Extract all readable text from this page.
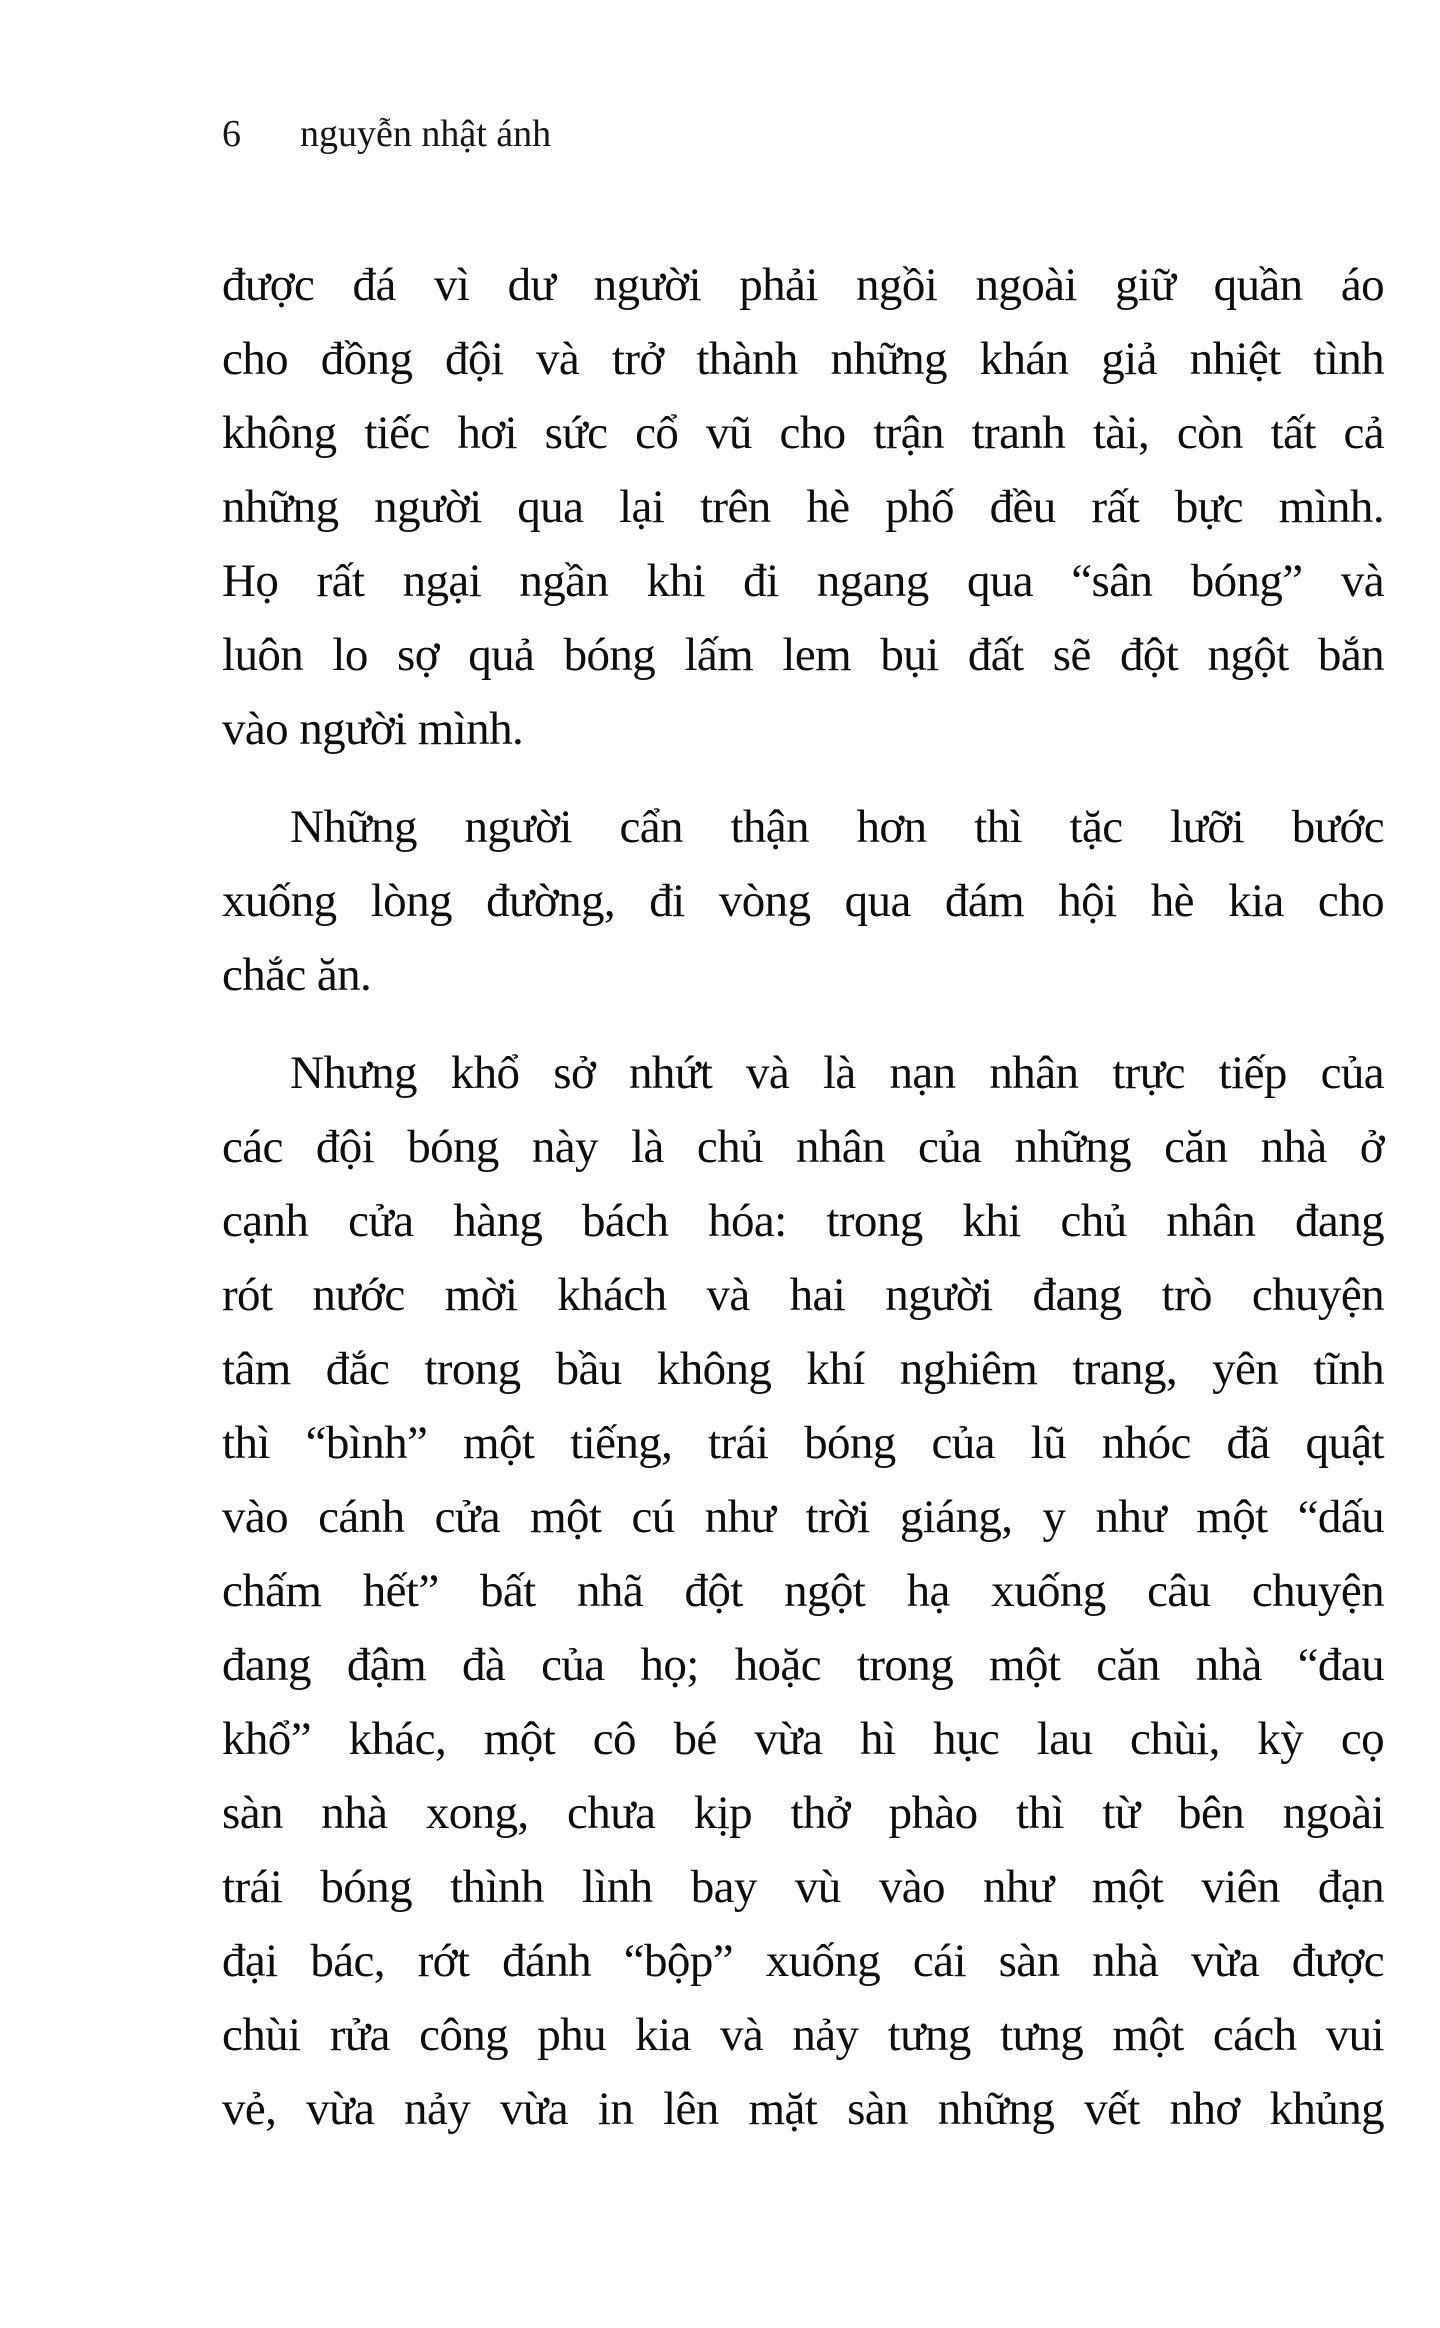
6 nguyễn nhật ánh
được đá vì dư người phải ngồi ngoài giữ quần áo
cho đồng đội và trở thành những khán giả nhiệt tình
không tiếc hơi sức cổ vũ cho trận tranh tài, còn tất cả
những người qua lại trên hè phố đều rất bực mình.
Họ rất ngại ngần khi đi ngang qua “sân bóng” và
luôn lo sợ quả bóng lấm lem bụi đất sẽ đột ngột bắn
vào người mình.
Những người cẩn thận hơn thì tặc lưỡi bước
xuống lòng đường, đi vòng qua đám hội hè kia cho
chắc ăn.
Nhưng khổ sở nhứt và là nạn nhân trực tiếp của
các đội bóng này là chủ nhân của những căn nhà ở
cạnh cửa hàng bách hóa: trong khi chủ nhân đang
rót nước mời khách và hai người đang trò chuyện
tâm đắc trong bầu không khí nghiêm trang, yên tĩnh
thì “bình” một tiếng, trái bóng của lũ nhóc đã quật
vào cánh cửa một cú như trời giáng, y như một “dấu
chấm hết” bất nhã đột ngột hạ xuống câu chuyện
đang đậm đà của họ; hoặc trong một căn nhà “đau
khổ” khác, một cô bé vừa hì hục lau chùi, kỳ cọ
sàn nhà xong, chưa kịp thở phào thì từ bên ngoài
trái bóng thình lình bay vù vào như một viên đạn
đại bác, rớt đánh “bộp” xuống cái sàn nhà vừa được
chùi rửa công phu kia và nảy tưng tưng một cách vui
vẻ, vừa nảy vừa in lên mặt sàn những vết nhơ khủng
